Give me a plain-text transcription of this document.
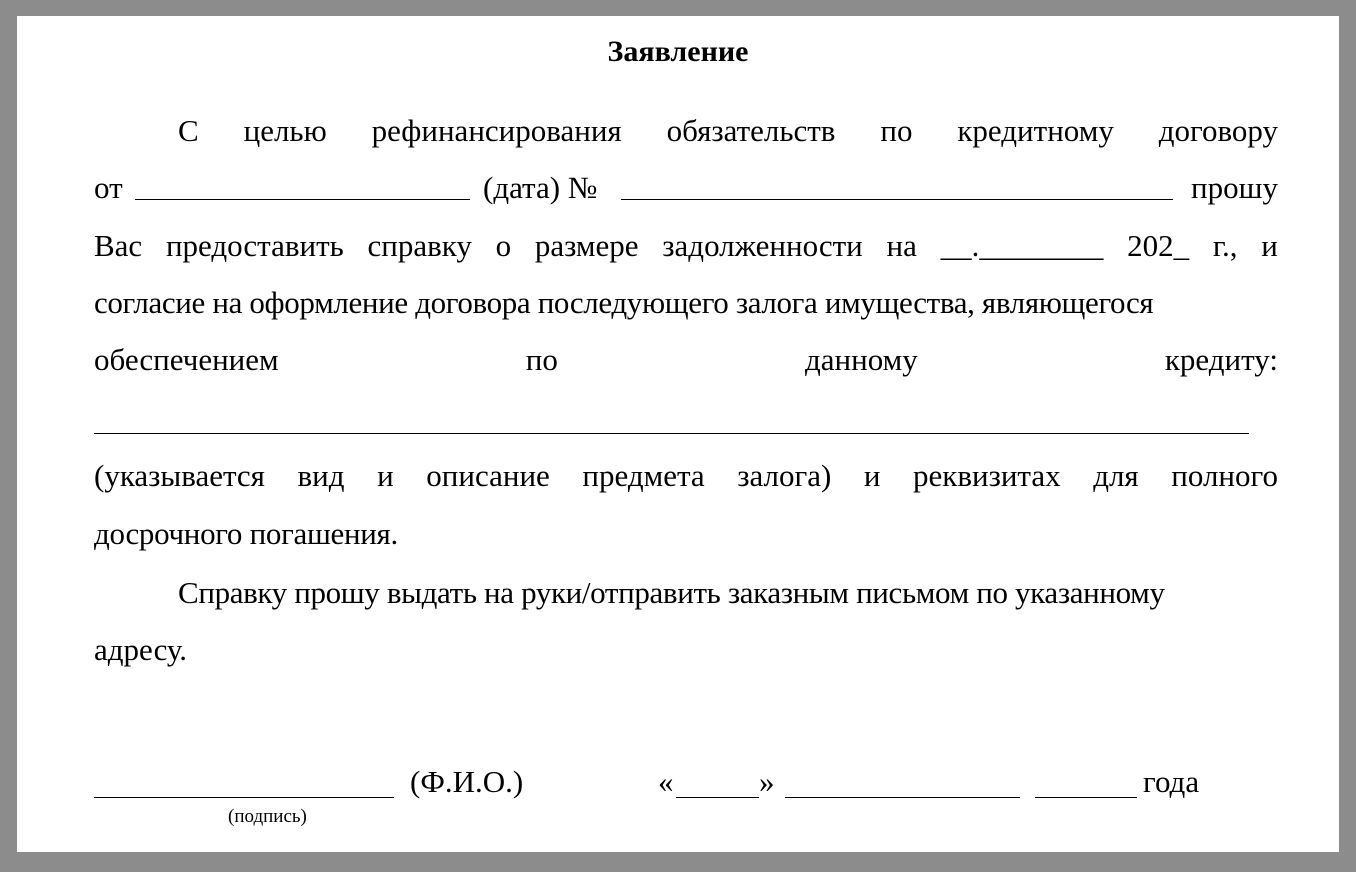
Заявление
С целью рефинансирования обязательств по кредитному договору
от	(дата) №	прошу
Вас предоставить справку о размере задолженности на __.________ 202_ г., и
согласие на оформление договора последующего залога имущества, являющегося
обеспечением	по	данному	кредиту:
(указывается вид и описание предмета залога) и реквизитах для полного
досрочного погашения.
Справку прошу выдать на руки/отправить заказным письмом по указанному
адресу.
(Ф.И.О.)	«	»	года
(подпись)
